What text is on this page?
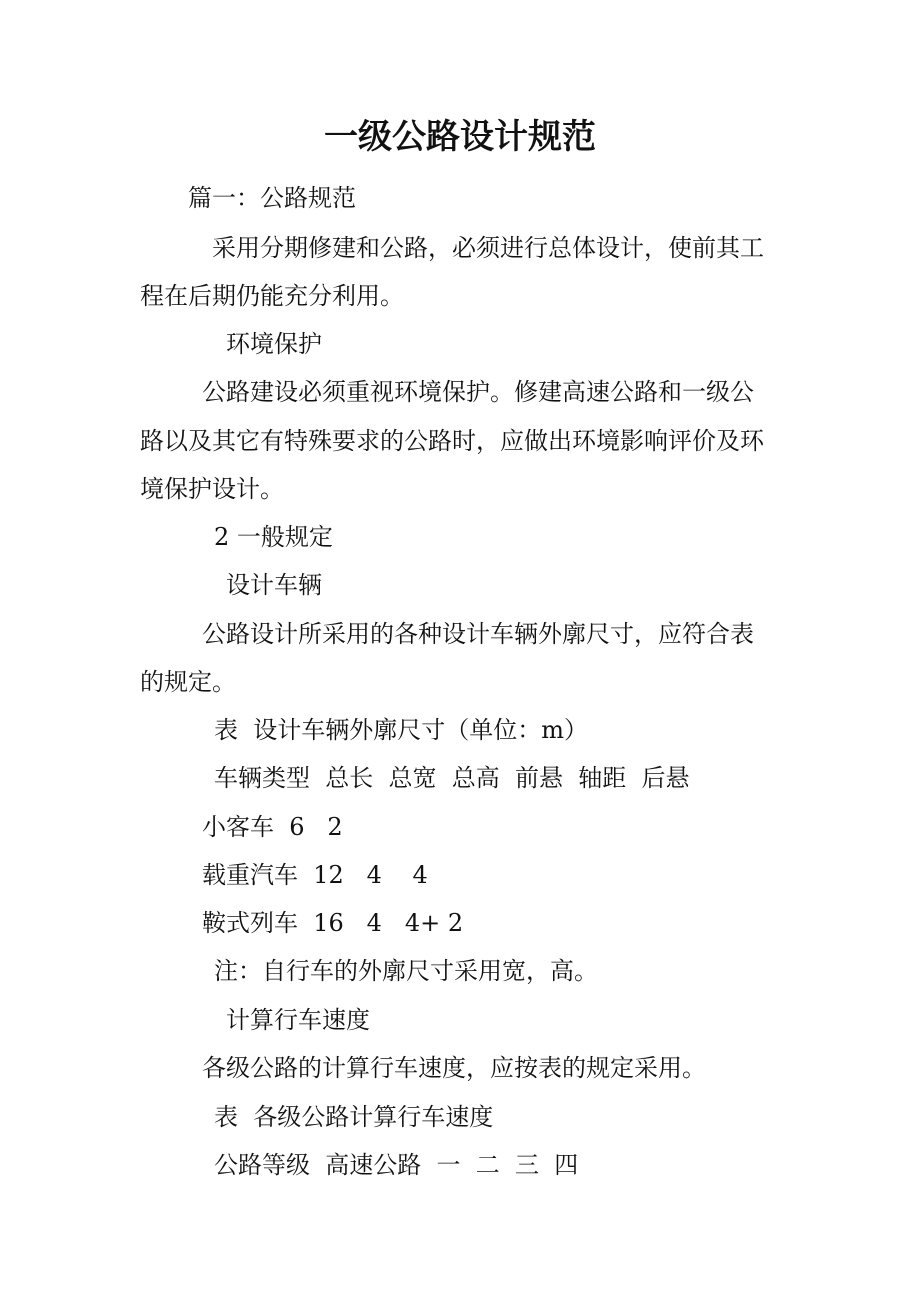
一级公路设计规范
篇一：公路规范
采用分期修建和公路，必须进行总体设计，使前其工
程在后期仍能充分利用。
环境保护
公路建设必须重视环境保护。修建高速公路和一级公
路以及其它有特殊要求的公路时，应做出环境影响评价及环
境保护设计。
2 一般规定
设计车辆
公路设计所采用的各种设计车辆外廓尺寸，应符合表
的规定。
表  设计车辆外廓尺寸（单位：m）
车辆类型  总长  总宽  总高  前悬  轴距  后悬
小客车  6   2
载重汽车  12   4    4
鞍式列车  16   4   4+ 2
注：自行车的外廓尺寸采用宽，高。
计算行车速度
各级公路的计算行车速度，应按表的规定采用。
表  各级公路计算行车速度
公路等级  高速公路  一  二  三  四
